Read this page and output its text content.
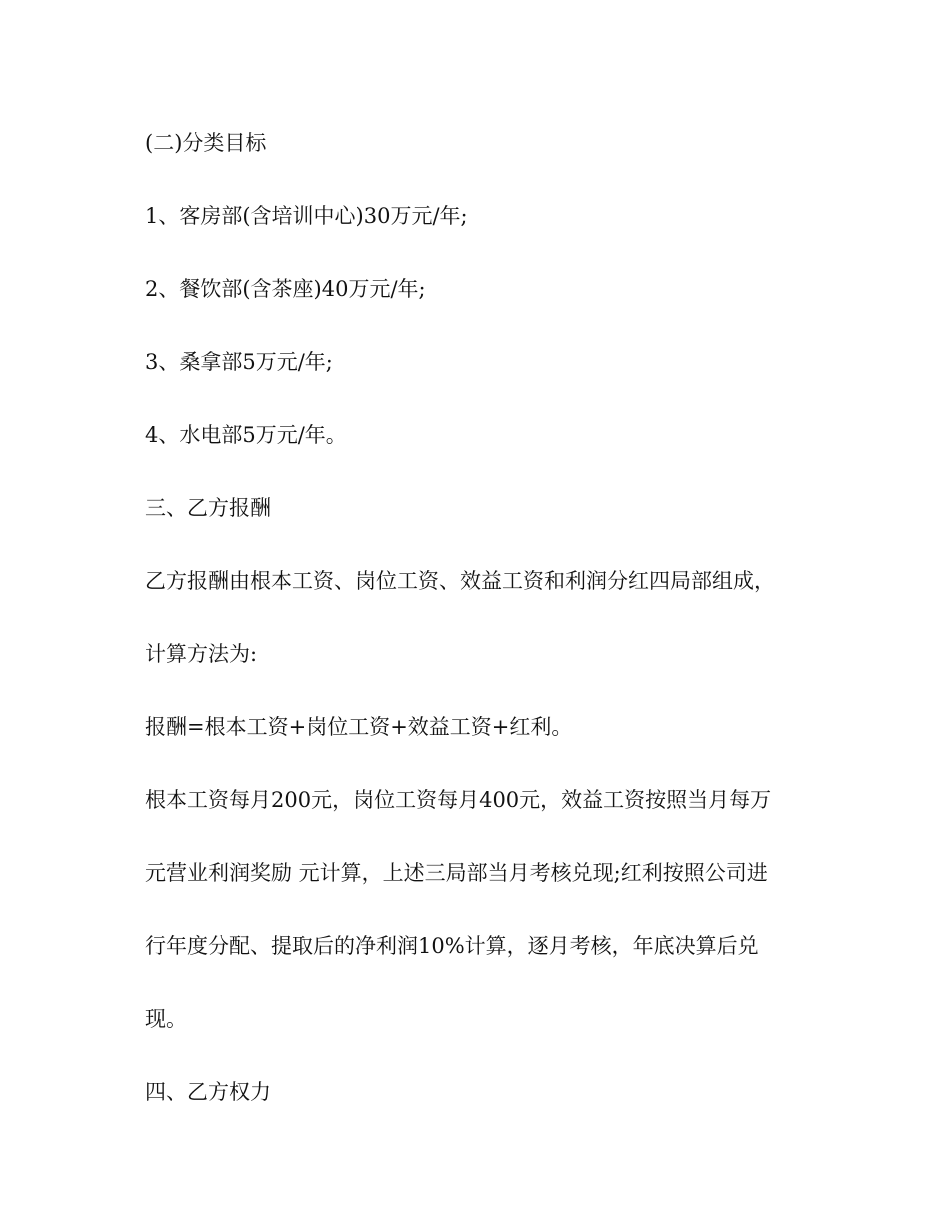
(二)分类目标
1、客房部(含培训中心)30万元/年;
2、餐饮部(含茶座)40万元/年;
3、桑拿部5万元/年;
4、水电部5万元/年。
三、乙方报酬
乙方报酬由根本工资、岗位工资、效益工资和利润分红四局部组成，
计算方法为:
报酬=根本工资+岗位工资+效益工资+红利。
根本工资每月200元，岗位工资每月400元，效益工资按照当月每万
元营业利润奖励 元计算，上述三局部当月考核兑现;红利按照公司进
行年度分配、提取后的净利润10%计算，逐月考核，年底决算后兑
现。
四、乙方权力
